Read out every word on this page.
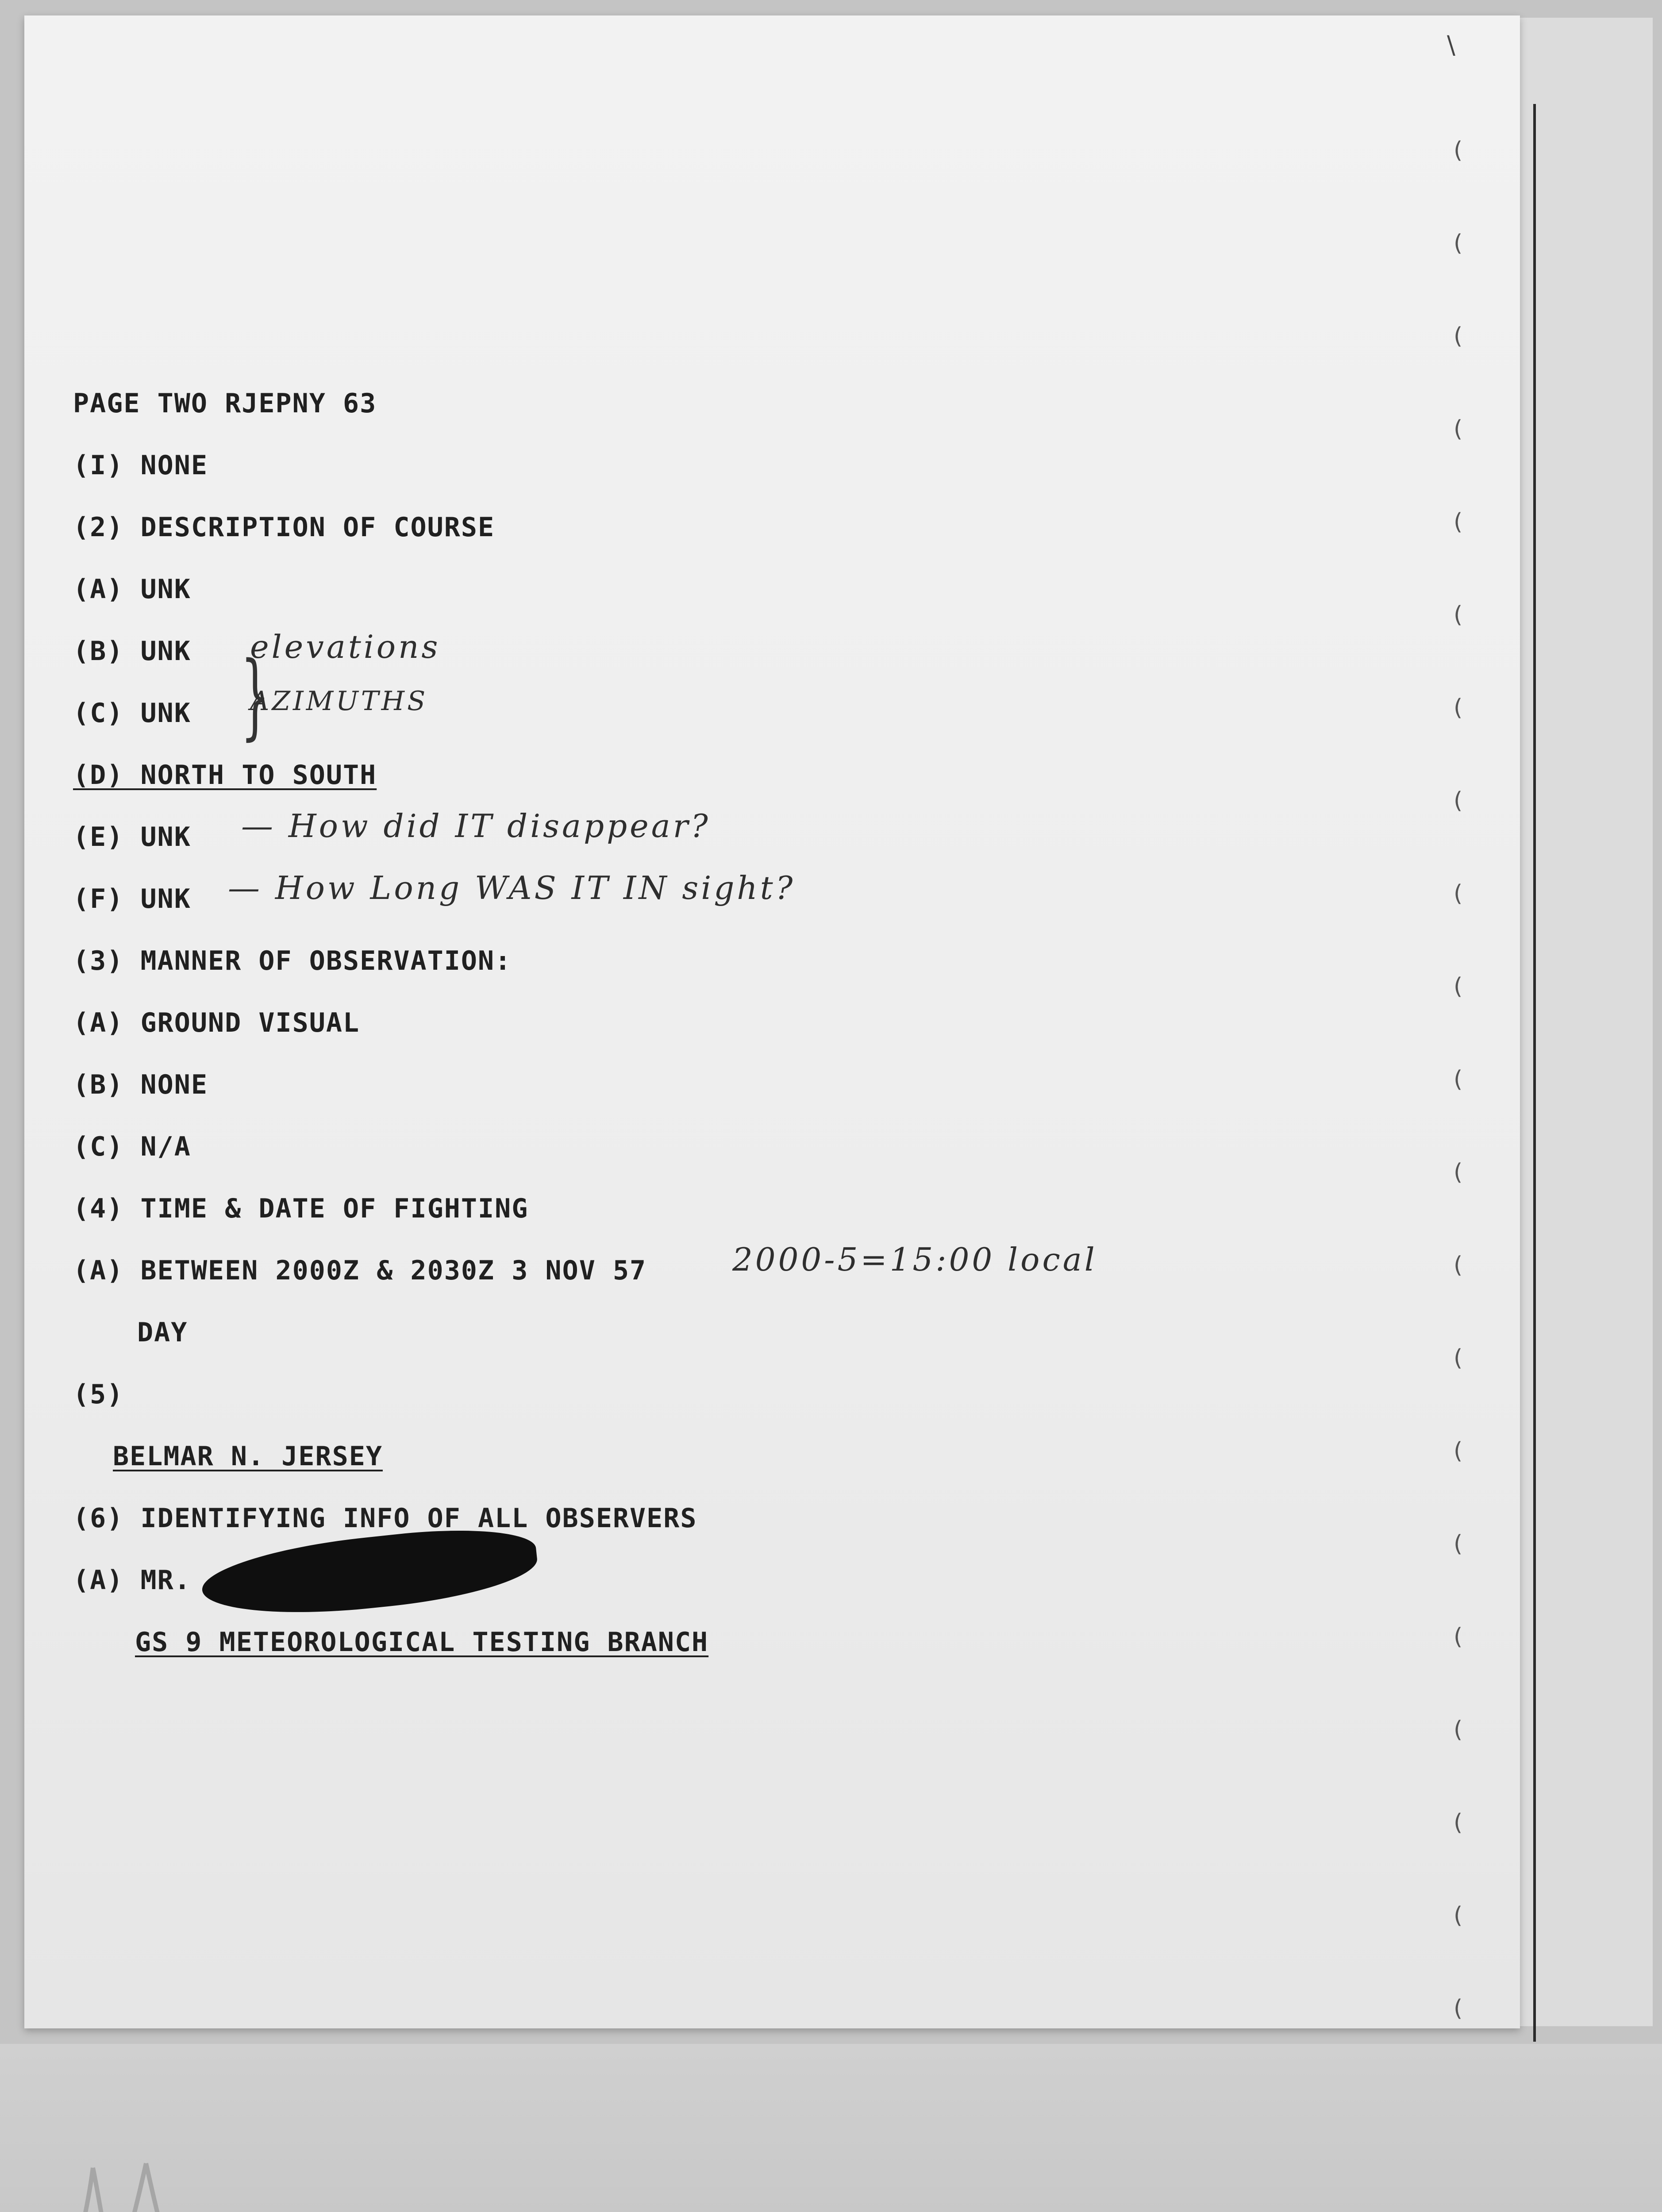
PAGE TWO RJEPNY 63
(I) NONE
(2) DESCRIPTION OF COURSE
(A) UNK
(B) UNK
(C) UNK
(D) NORTH TO SOUTH
(E) UNK
(F) UNK
(3) MANNER OF OBSERVATION:
(A) GROUND VISUAL
(B) NONE
(C) N/A
(4) TIME & DATE OF FIGHTING
(A) BETWEEN 2000Z & 2030Z 3 NOV 57
DAY
(5)
BELMAR N. JERSEY
(6) IDENTIFYING INFO OF ALL OBSERVERS
(A) MR.
GS 9 METEOROLOGICAL TESTING BRANCH
}
elevations
AZIMUTHS
— How did IT disappear?
— How Long WAS IT IN sight?
2000-5=15:00 local
\
(
(
(
(
(
(
(
(
(
(
(
(
(
(
(
(
(
(
(
(
(
